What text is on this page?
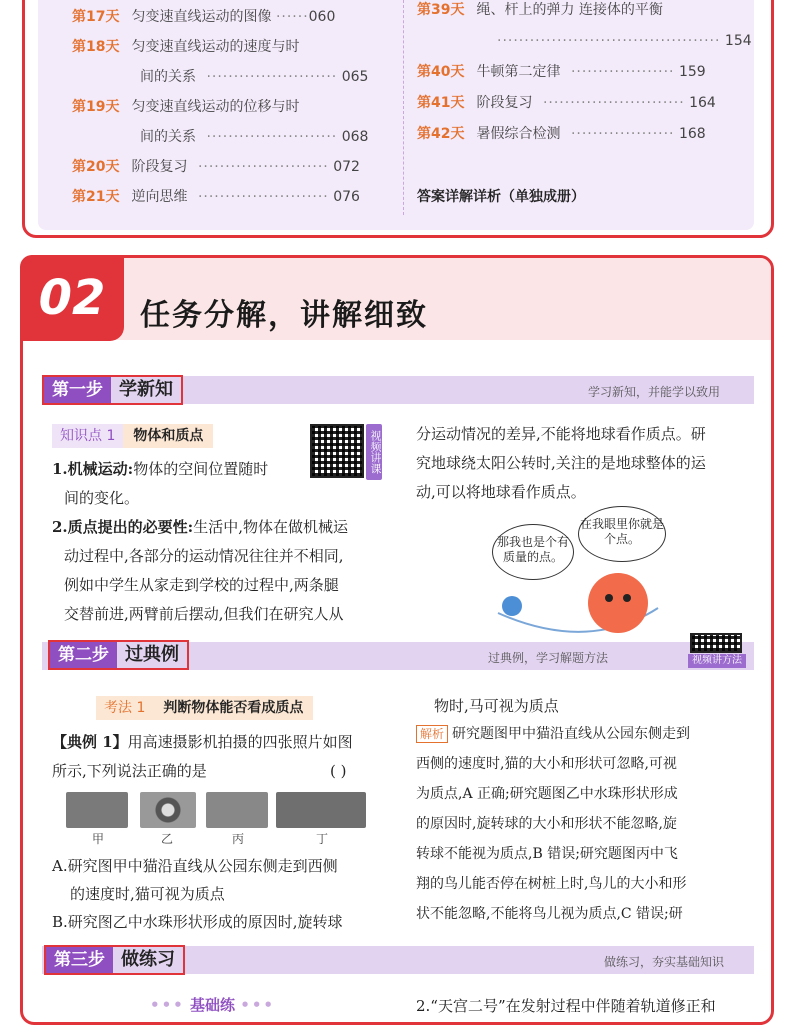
第17天 匀变速直线运动的图像 ······060
第18天 匀变速直线运动的速度与时
间的关系 ························ 065
第19天 匀变速直线运动的位移与时
间的关系 ························ 068
第20天 阶段复习 ························ 072
第21天 逆向思维 ························ 076
第39天 绳、杆上的弹力 连接体的平衡
········································· 154
第40天 牛顿第二定律 ··················· 159
第41天 阶段复习 ·························· 164
第42天 暑假综合检测 ··················· 168
答案详解详析（单独成册）
02	任务分解，讲解细致
第一步 学新知	学习新知，并能学以致用
知识点 1	物体和质点	视频讲课
1.机械运动:物体的空间位置随时
间的变化。
2.质点提出的必要性:生活中,物体在做机械运
动过程中,各部分的运动情况往往并不相同,
例如中学生从家走到学校的过程中,两条腿
交替前进,两臂前后摆动,但我们在研究人从
分运动情况的差异,不能将地球看作质点。研
究地球绕太阳公转时,关注的是地球整体的运
动,可以将地球看作质点。
那我也是个有质量的点。
在我眼里你就是个点。
第二步 过典例	过典例，学习解题方法	视频讲方法
考法 1	判断物体能否看成质点
【典例 1】用高速摄影机拍摄的四张照片如图
所示,下列说法正确的是	( )
甲	乙	丙	丁
A.研究图甲中猫沿直线从公园东侧走到西侧
的速度时,猫可视为质点
B.研究图乙中水珠形状形成的原因时,旋转球
物时,马可视为质点
解析 研究题图甲中猫沿直线从公园东侧走到
西侧的速度时,猫的大小和形状可忽略,可视
为质点,A 正确;研究题图乙中水珠形状形成
的原因时,旋转球的大小和形状不能忽略,旋
转球不能视为质点,B 错误;研究题图丙中飞
翔的鸟儿能否停在树桩上时,鸟儿的大小和形
状不能忽略,不能将鸟儿视为质点,C 错误;研
第三步 做练习	做练习，夯实基础知识
••• 基础练 •••	2.“天宫二号”在发射过程中伴随着轨道修正和
